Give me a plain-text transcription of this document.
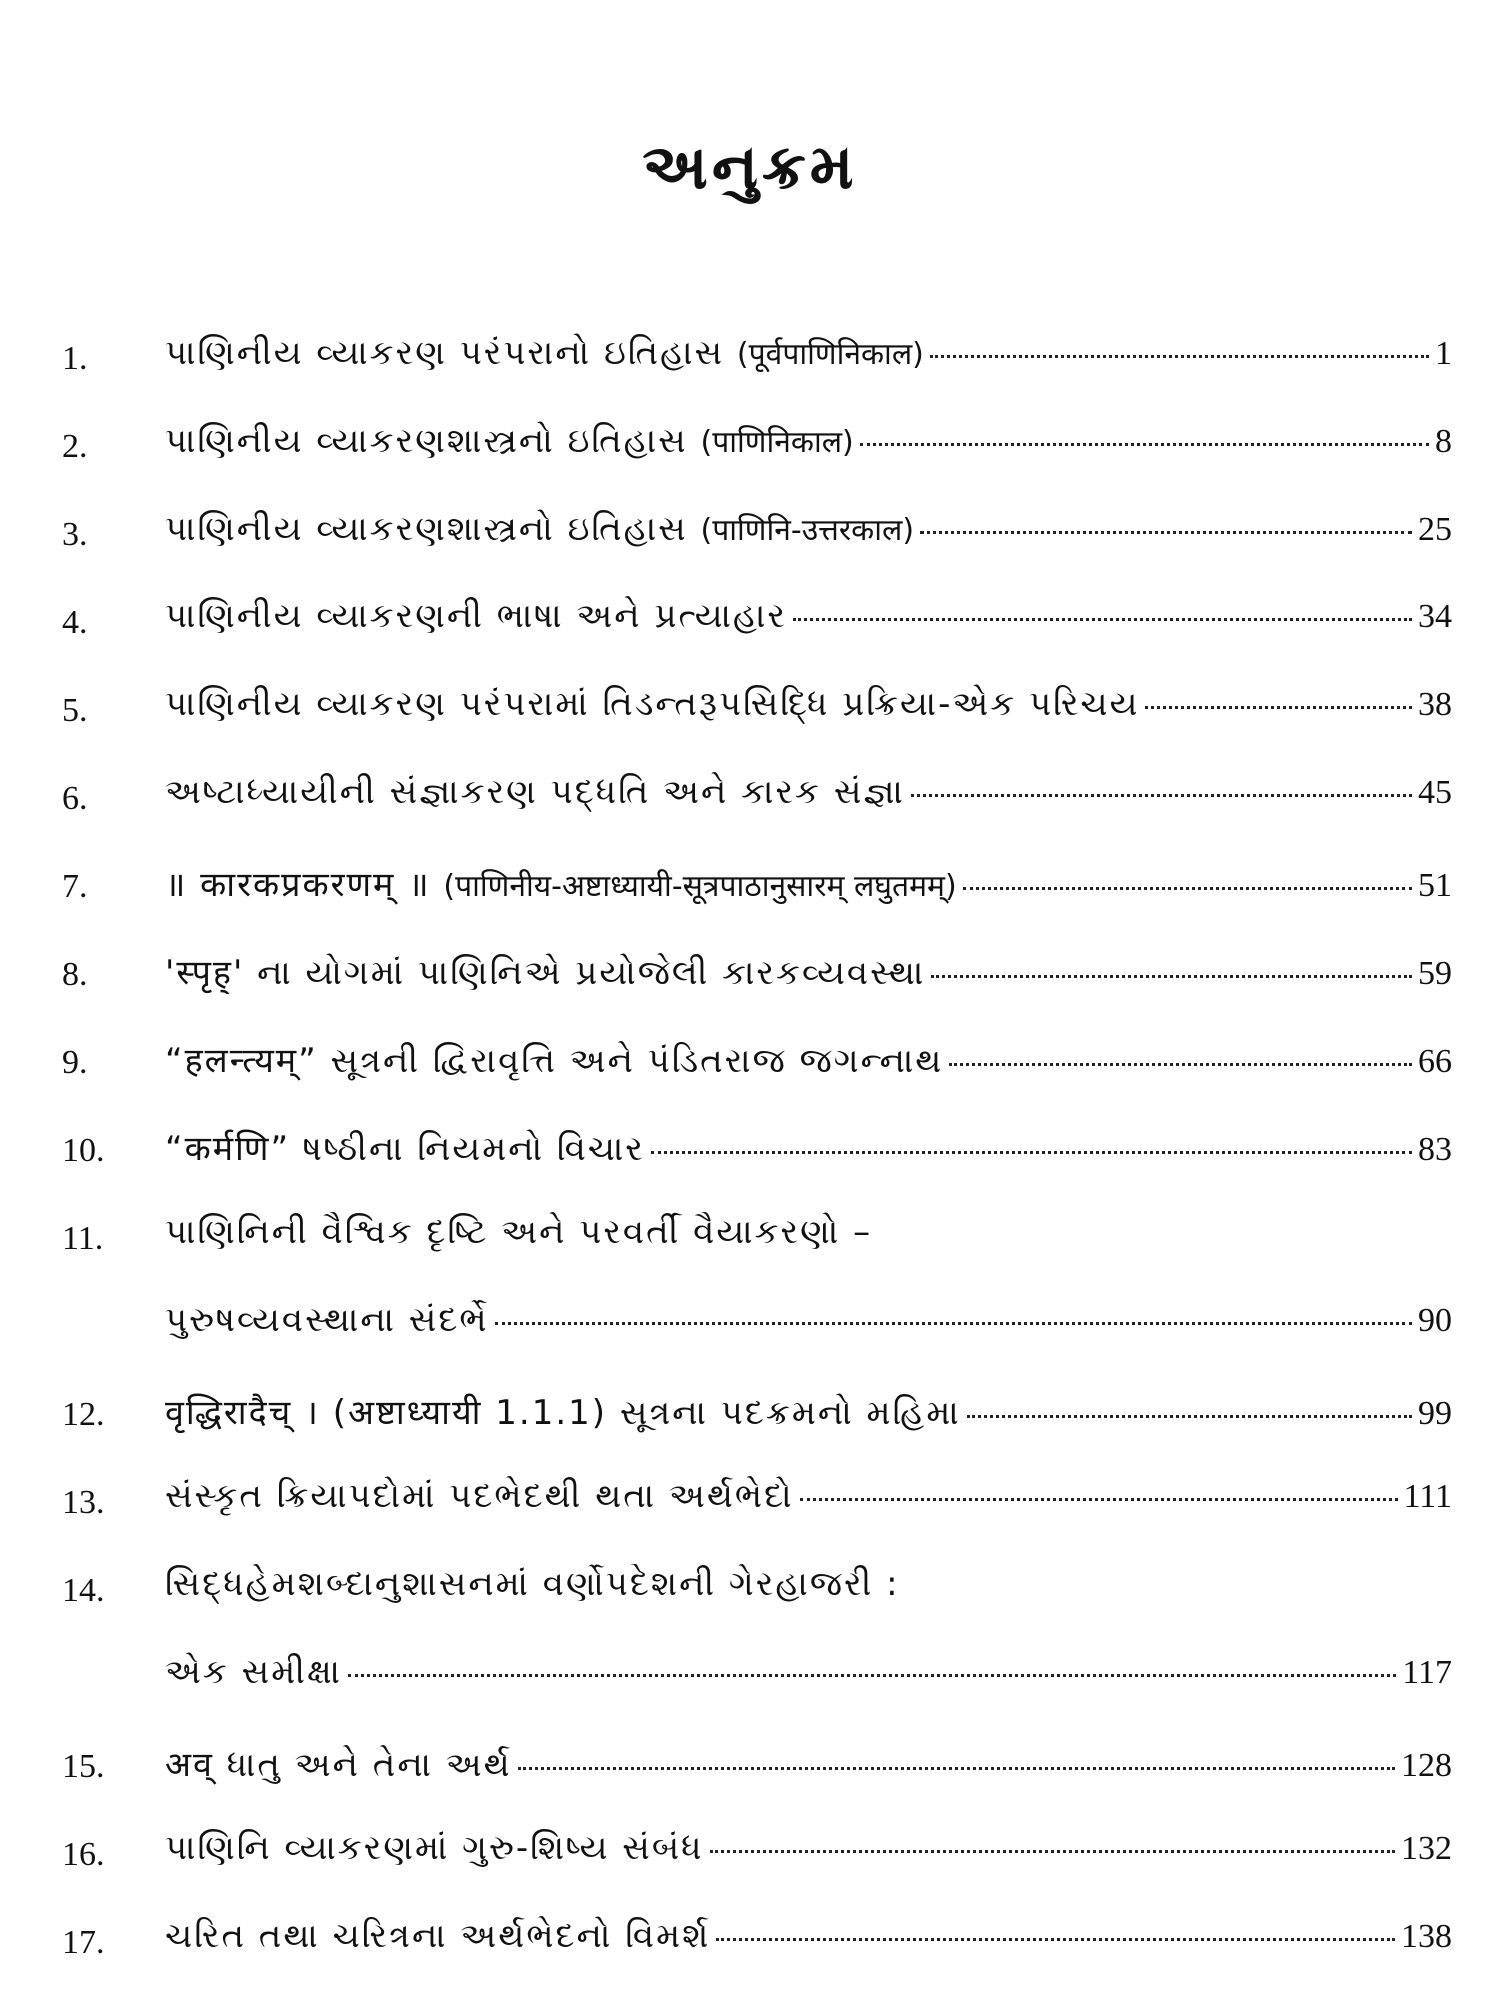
અનુક્રમ
1. પાણિનીય વ્યાકરણ પરંપરાનો ઇતિહાસ (पूर्वपाणिनिकाल)	1
2. પાણિનીય વ્યાકરણશાસ્ત્રનો ઇતિહાસ (पाणिनिकाल)	8
3. પાણિનીય વ્યાકરણશાસ્ત્રનો ઇતિહાસ (पाणिनि-उत्तरकाल)	25
4. પાણિનીય વ્યાકરણની ભાષા અને પ્રત્યાહાર	34
5. પાણિનીય વ્યાકરણ પરંપરામાં તિડન્તરૂપસિદ્ધિ પ્રક્રિયા-એક પરિચય	38
6. અષ્ટાધ્યાયીની સંજ્ઞાકરણ પદ્ધતિ અને કારક સંજ્ઞા	45
7. ॥ कारकप्रकरणम् ॥ (पाणिनीय-अष्टाध्यायी-सूत्रपाठानुसारम् लघुतमम्)	51
8. 'स्पृह्' ના યોગમાં પાણિનિએ પ્રયોજેલી કારકવ્યવસ્થા	59
9. “हलन्त्यम्” સૂત્રની દ્વિરાવૃત્તિ અને પંડિતરાજ જગન્નાથ	66
10. “कर्मणि” ષષ્ઠીના નિયમનો વિચાર	83
11. પાણિનિની વૈશ્વિક દૃષ્ટિ અને પરવર્તી વૈયાકરણો –
પુરુષવ્યવસ્થાના સંદર્ભે	90
12. वृद्धिरादैच् । (अष्टाध्यायी 1.1.1) સૂત્રના પદક્રમનો મહિમા	99
13. સંસ્કૃત ક્રિયાપદોમાં પદભેદથી થતા અર્થભેદો	111
14. સિદ્ધહેમશબ્દાનુશાસનમાં વર્ણોપદેશની ગેરહાજરી :
એક સમીક્ષા	117
15. अव् ધાતુ અને તેના અર્થ	128
16. પાણિનિ વ્યાકરણમાં ગુરુ-શિષ્ય સંબંધ	132
17. ચરિત તથા ચરિત્રના અર્થભેદનો વિમર્શ	138
